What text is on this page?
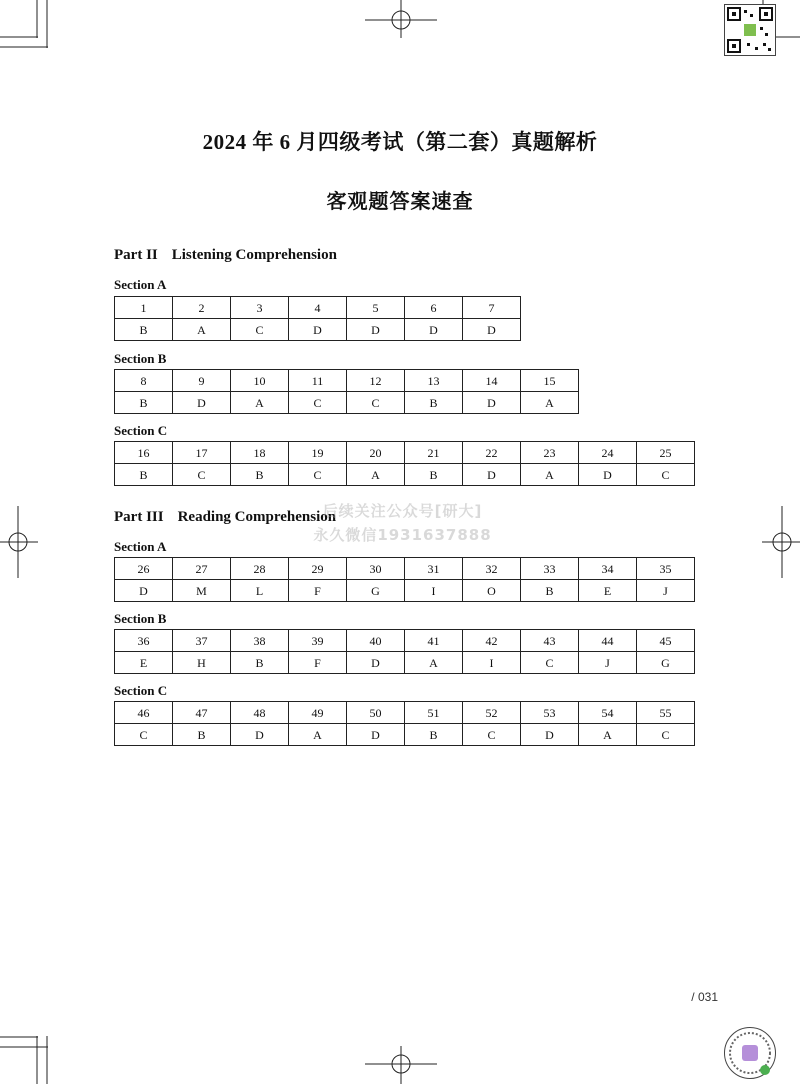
2024 年 6 月四级考试（第二套）真题解析
客观题答案速查
Part II Listening Comprehension
Section A
1	2	3	4	5	6	7
B	A	C	D	D	D	D
Section B
8	9	10	11	12	13	14	15
B	D	A	C	C	B	D	A
Section C
16	17	18	19	20	21	22	23	24	25
B	C	B	C	A	B	D	A	D	C
Part III Reading Comprehension
Section A
26	27	28	29	30	31	32	33	34	35
D	M	L	F	G	I	O	B	E	J
Section B
36	37	38	39	40	41	42	43	44	45
E	H	B	F	D	A	I	C	J	G
Section C
46	47	48	49	50	51	52	53	54	55
C	B	D	A	D	B	C	D	A	C
后续关注公众号[研大]
永久微信1931637888
/ 031
